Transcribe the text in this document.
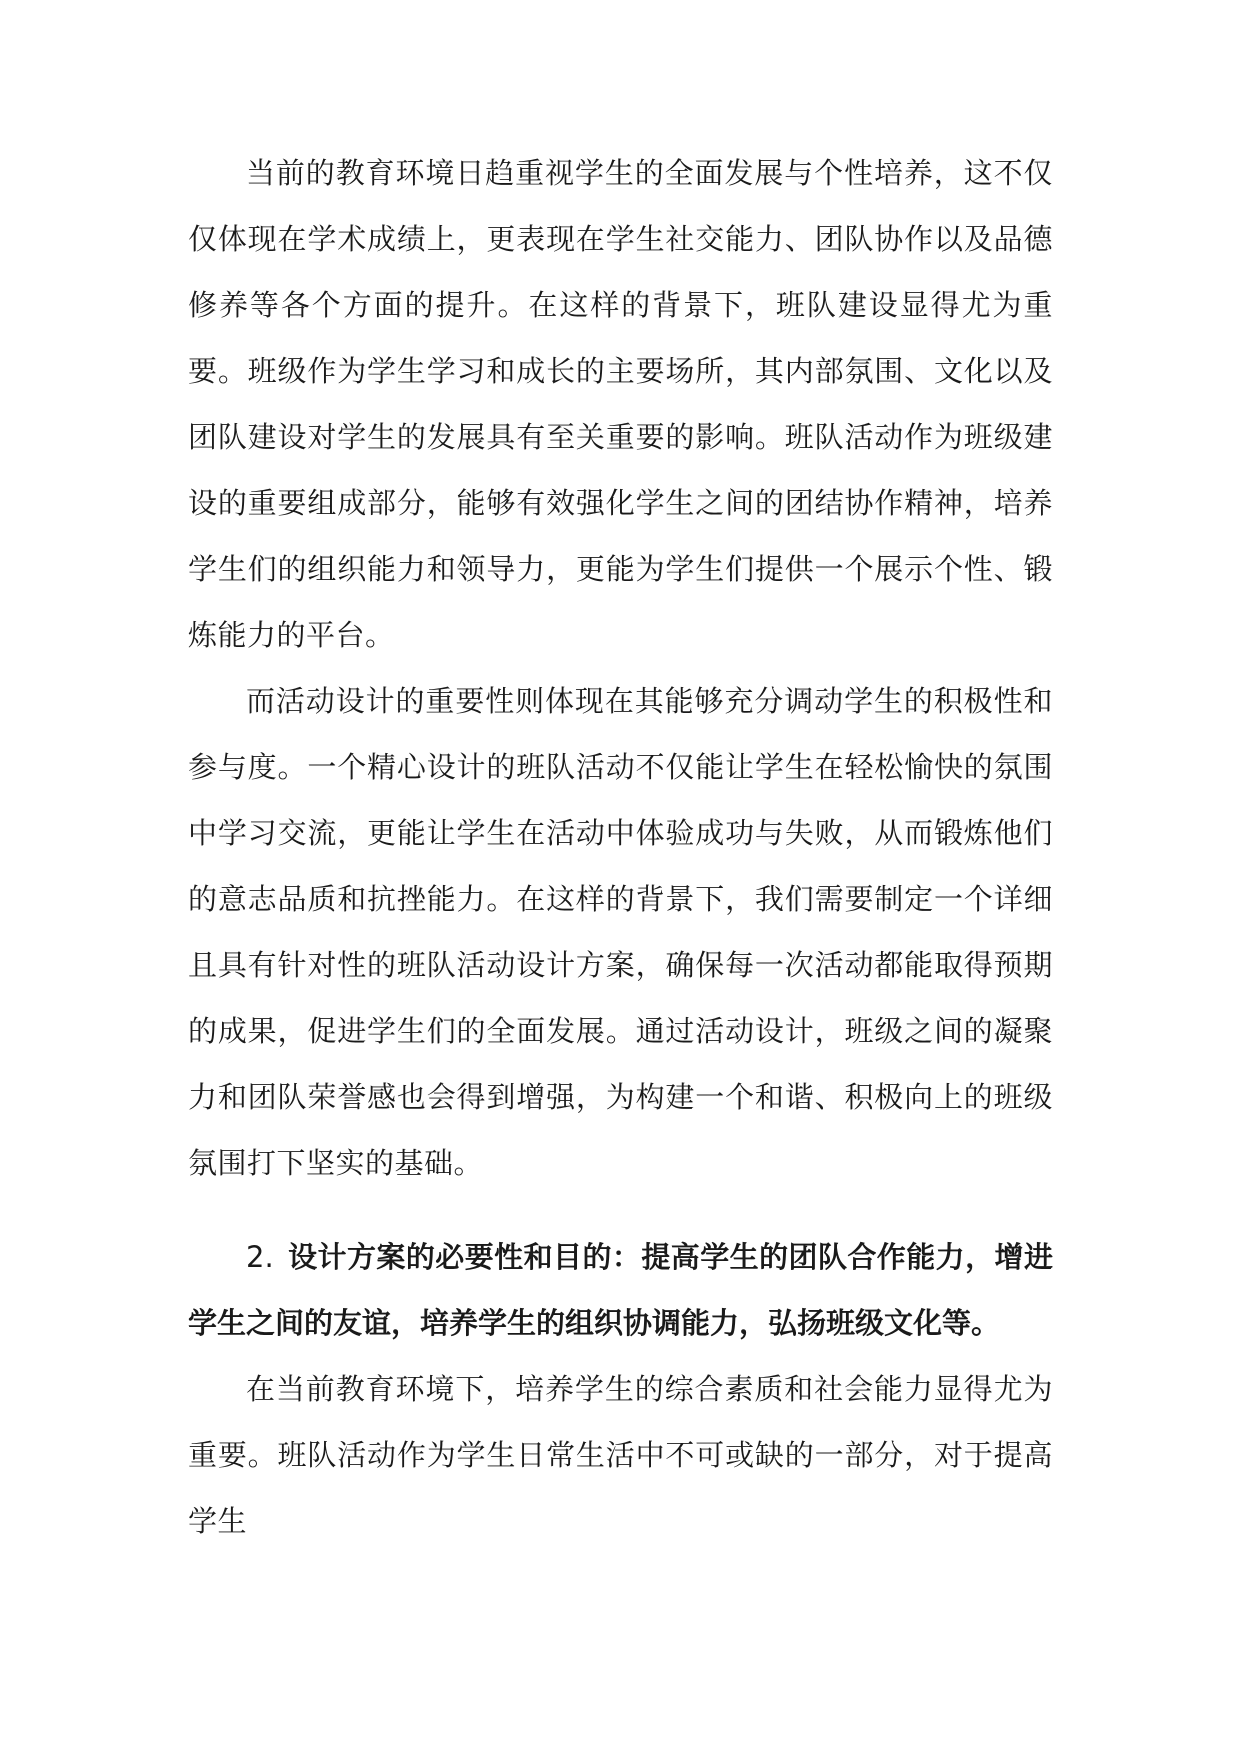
当前的教育环境日趋重视学生的全面发展与个性培养，这不仅仅体现在学术成绩上，更表现在学生社交能力、团队协作以及品德修养等各个方面的提升。在这样的背景下，班队建设显得尤为重要。班级作为学生学习和成长的主要场所，其内部氛围、文化以及团队建设对学生的发展具有至关重要的影响。班队活动作为班级建设的重要组成部分，能够有效强化学生之间的团结协作精神，培养学生们的组织能力和领导力，更能为学生们提供一个展示个性、锻炼能力的平台。

而活动设计的重要性则体现在其能够充分调动学生的积极性和参与度。一个精心设计的班队活动不仅能让学生在轻松愉快的氛围中学习交流，更能让学生在活动中体验成功与失败，从而锻炼他们的意志品质和抗挫能力。在这样的背景下，我们需要制定一个详细且具有针对性的班队活动设计方案，确保每一次活动都能取得预期的成果，促进学生们的全面发展。通过活动设计，班级之间的凝聚力和团队荣誉感也会得到增强，为构建一个和谐、积极向上的班级氛围打下坚实的基础。

2. 设计方案的必要性和目的：提高学生的团队合作能力，增进学生之间的友谊，培养学生的组织协调能力，弘扬班级文化等。

在当前教育环境下，培养学生的综合素质和社会能力显得尤为重要。班队活动作为学生日常生活中不可或缺的一部分，对于提高学生
